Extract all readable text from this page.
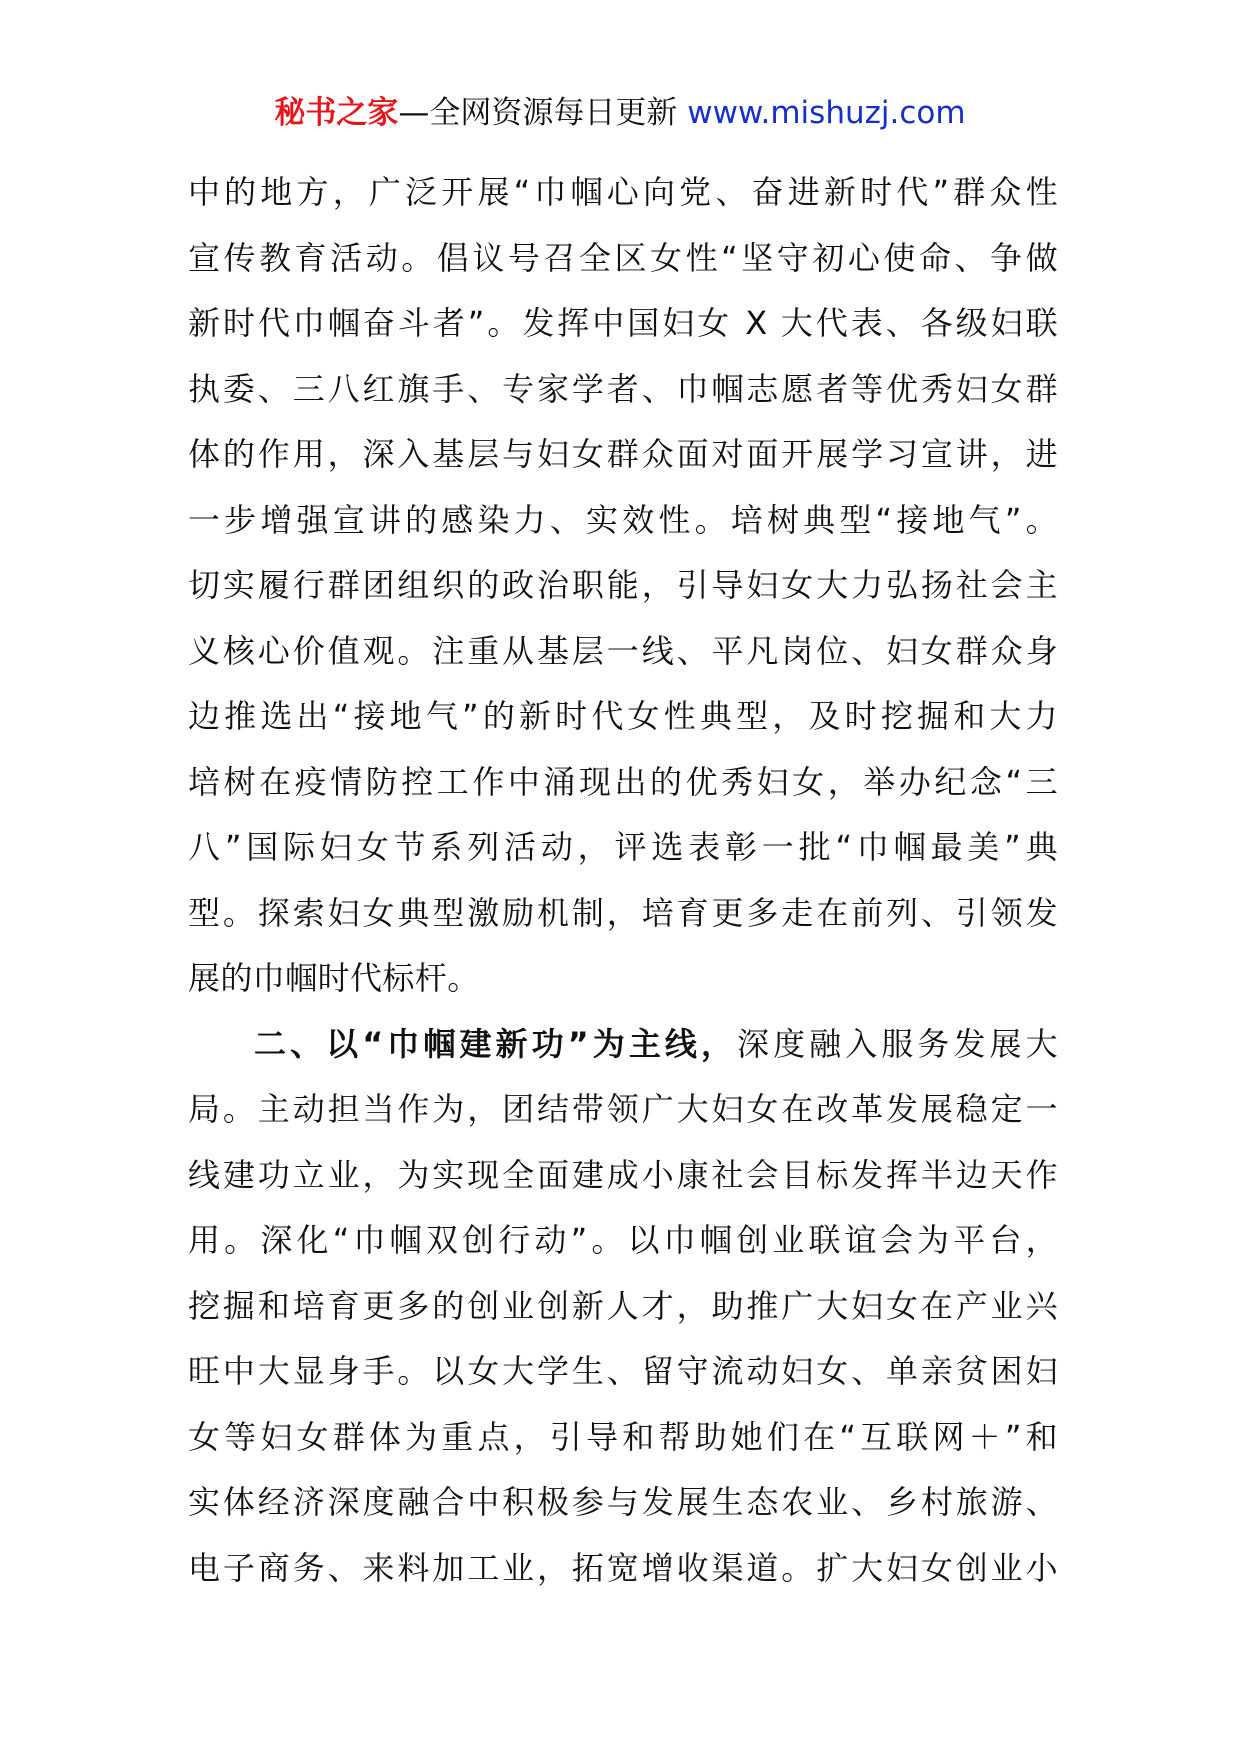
秘书之家—全网资源每日更新 www.mishuzj.com
中的地方，广泛开展“巾帼心向党、奋进新时代”群众性
宣传教育活动。倡议号召全区女性“坚守初心使命、争做
新时代巾帼奋斗者”。发挥中国妇女 X 大代表、各级妇联
执委、三八红旗手、专家学者、巾帼志愿者等优秀妇女群
体的作用，深入基层与妇女群众面对面开展学习宣讲，进
一步增强宣讲的感染力、实效性。培树典型“接地气”。
切实履行群团组织的政治职能，引导妇女大力弘扬社会主
义核心价值观。注重从基层一线、平凡岗位、妇女群众身
边推选出“接地气”的新时代女性典型，及时挖掘和大力
培树在疫情防控工作中涌现出的优秀妇女，举办纪念“三
八”国际妇女节系列活动，评选表彰一批“巾帼最美”典
型。探索妇女典型激励机制，培育更多走在前列、引领发
展的巾帼时代标杆。
二、以“巾帼建新功”为主线，深度融入服务发展大
局。主动担当作为，团结带领广大妇女在改革发展稳定一
线建功立业，为实现全面建成小康社会目标发挥半边天作
用。深化“巾帼双创行动”。以巾帼创业联谊会为平台，
挖掘和培育更多的创业创新人才，助推广大妇女在产业兴
旺中大显身手。以女大学生、留守流动妇女、单亲贫困妇
女等妇女群体为重点，引导和帮助她们在“互联网＋”和
实体经济深度融合中积极参与发展生态农业、乡村旅游、
电子商务、来料加工业，拓宽增收渠道。扩大妇女创业小
